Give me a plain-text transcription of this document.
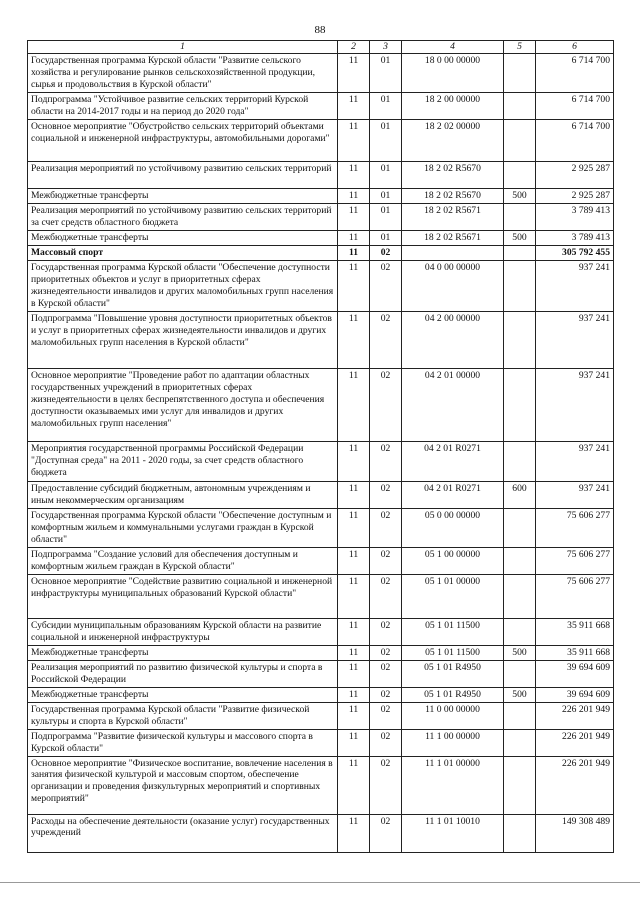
88
1	2	3	4	5	6
Государственная программа Курской области "Развитие сельского хозяйства и регулирование рынков сельскохозяйственной продукции, сырья и продовольствия в Курской области"	11	01	18 0 00 00000		6 714 700
Подпрограмма "Устойчивое развитие сельских территорий Курской области на 2014-2017 годы и на период до 2020 года"	11	01	18 2 00 00000		6 714 700
Основное мероприятие "Обустройство сельских территорий объектами социальной и инженерной инфраструктуры, автомобильными дорогами"	11	01	18 2 02 00000		6 714 700
Реализация мероприятий по устойчивому развитию сельских территорий	11	01	18 2 02 R5670		2 925 287
Межбюджетные трансферты	11	01	18 2 02 R5670	500	2 925 287
Реализация мероприятий по устойчивому развитию сельских территорий за счет средств областного бюджета	11	01	18 2 02 R5671		3 789 413
Межбюджетные трансферты	11	01	18 2 02 R5671	500	3 789 413
Массовый спорт	11	02			305 792 455
Государственная программа Курской области "Обеспечение доступности приоритетных объектов и услуг в приоритетных сферах жизнедеятельности инвалидов и других маломобильных групп населения в Курской области"	11	02	04 0 00 00000		937 241
Подпрограмма "Повышение уровня доступности приоритетных объектов и услуг в приоритетных сферах жизнедеятельности инвалидов и других маломобильных групп населения в Курской области"	11	02	04 2 00 00000		937 241
Основное мероприятие "Проведение работ по адаптации областных государственных учреждений в приоритетных сферах жизнедеятельности в целях беспрепятственного доступа и обеспечения доступности оказываемых ими услуг для инвалидов и других маломобильных групп населения"	11	02	04 2 01 00000		937 241
Мероприятия государственной программы Российской Федерации "Доступная среда" на 2011 - 2020 годы, за счет средств областного бюджета	11	02	04 2 01 R0271		937 241
Предоставление субсидий бюджетным, автономным учреждениям и иным некоммерческим организациям	11	02	04 2 01 R0271	600	937 241
Государственная программа Курской области "Обеспечение доступным и комфортным жильем и коммунальными услугами граждан в Курской области"	11	02	05 0 00 00000		75 606 277
Подпрограмма "Создание условий для обеспечения доступным и комфортным жильем граждан в Курской области"	11	02	05 1 00 00000		75 606 277
Основное мероприятие "Содействие развитию социальной и инженерной инфраструктуры муниципальных образований Курской области"	11	02	05 1 01 00000		75 606 277
Субсидии муниципальным образованиям Курской области на развитие социальной и инженерной инфраструктуры	11	02	05 1 01 11500		35 911 668
Межбюджетные трансферты	11	02	05 1 01 11500	500	35 911 668
Реализация мероприятий по развитию физической культуры и спорта в Российской Федерации	11	02	05 1 01 R4950		39 694 609
Межбюджетные трансферты	11	02	05 1 01 R4950	500	39 694 609
Государственная программа Курской области "Развитие физической культуры и спорта в Курской области"	11	02	11 0 00 00000		226 201 949
Подпрограмма "Развитие физической культуры и массового спорта в Курской области"	11	02	11 1 00 00000		226 201 949
Основное мероприятие "Физическое воспитание, вовлечение населения в занятия физической культурой и массовым спортом, обеспечение организации и проведения физкультурных мероприятий и спортивных мероприятий"	11	02	11 1 01 00000		226 201 949
Расходы на обеспечение деятельности (оказание услуг) государственных учреждений	11	02	11 1 01 10010		149 308 489
